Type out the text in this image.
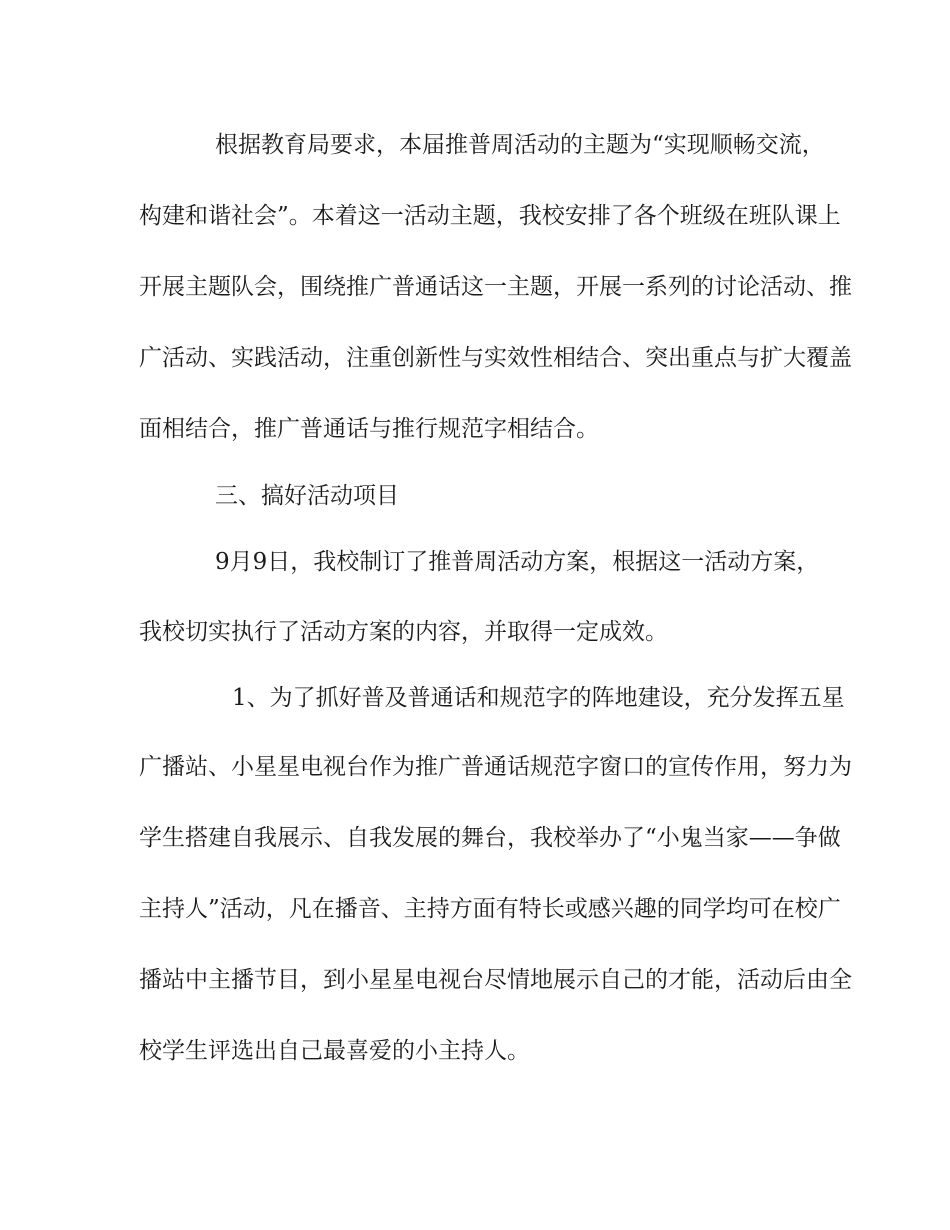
根据教育局要求，本届推普周活动的主题为“实现顺畅交流，
构建和谐社会”。本着这一活动主题，我校安排了各个班级在班队课上
开展主题队会，围绕推广普通话这一主题，开展一系列的讨论活动、推
广活动、实践活动，注重创新性与实效性相结合、突出重点与扩大覆盖
面相结合，推广普通话与推行规范字相结合。
三、搞好活动项目
9月9日，我校制订了推普周活动方案，根据这一活动方案，
我校切实执行了活动方案的内容，并取得一定成效。
1、为了抓好普及普通话和规范字的阵地建设，充分发挥五星
广播站、小星星电视台作为推广普通话规范字窗口的宣传作用，努力为
学生搭建自我展示、自我发展的舞台，我校举办了“小鬼当家——争做
主持人”活动，凡在播音、主持方面有特长或感兴趣的同学均可在校广
播站中主播节目，到小星星电视台尽情地展示自己的才能，活动后由全
校学生评选出自己最喜爱的小主持人。
